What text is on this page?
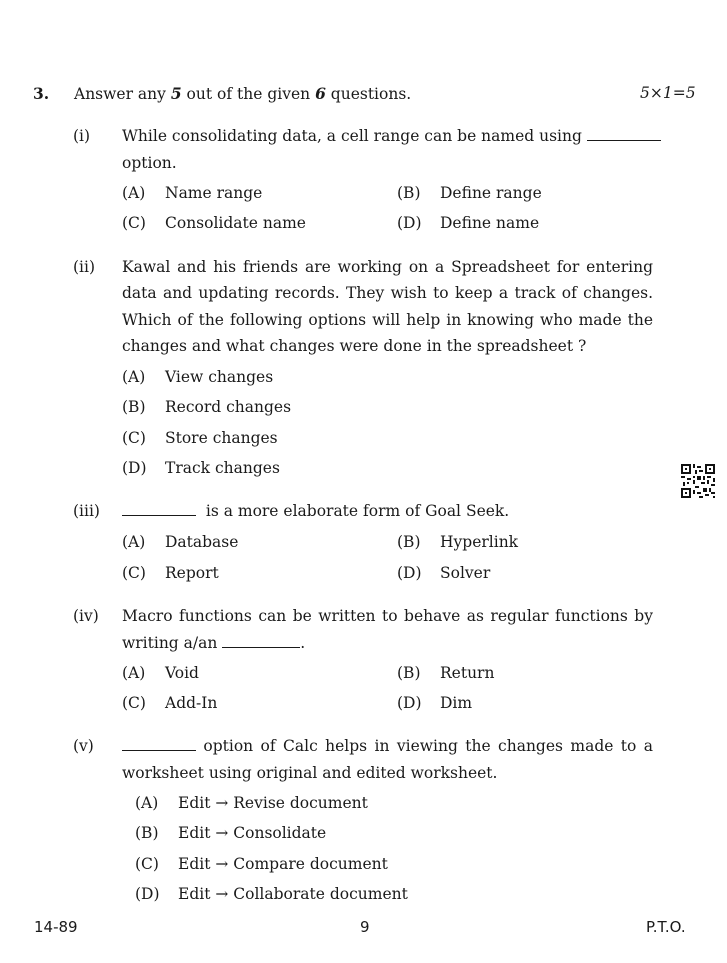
3. Answer any 5 out of the given 6 questions.	5×1=5
(i) While consolidating data, a cell range can be named using
option.
(A) Name range	(B) Define range
(C) Consolidate name	(D) Define name
(ii) Kawal and his friends are working on a Spreadsheet for entering
data and updating records. They wish to keep a track of changes.
Which of the following options will help in knowing who made the
changes and what changes were done in the spreadsheet ?
(A) View changes
(B) Record changes
(C) Store changes
(D) Track changes
(iii)	is a more elaborate form of Goal Seek.
(A) Database	(B) Hyperlink
(C) Report	(D) Solver
(iv) Macro functions can be written to behave as regular functions by
writing a/an	.
(A) Void	(B) Return
(C) Add-In	(D) Dim
(v)	option of Calc helps in viewing the changes made to a
worksheet using original and edited worksheet.
(A) Edit → Revise document
(B) Edit → Consolidate
(C) Edit → Compare document
(D) Edit → Collaborate document
14-89	9	P.T.O.
